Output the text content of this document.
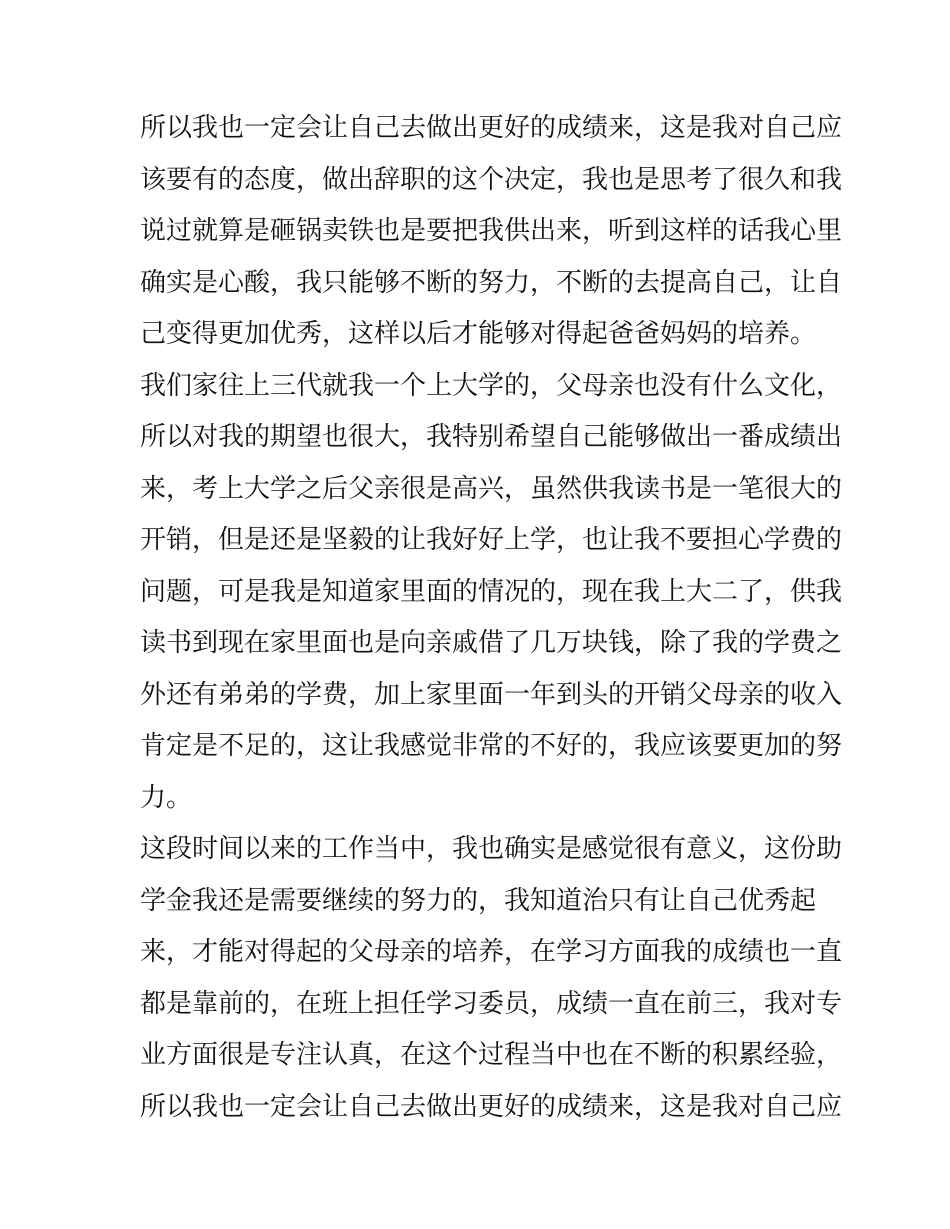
所以我也一定会让自己去做出更好的成绩来，这是我对自己应
该要有的态度，做出辞职的这个决定，我也是思考了很久和我
说过就算是砸锅卖铁也是要把我供出来，听到这样的话我心里
确实是心酸，我只能够不断的努力，不断的去提高自己，让自
己变得更加优秀，这样以后才能够对得起爸爸妈妈的培养。
我们家往上三代就我一个上大学的，父母亲也没有什么文化，
所以对我的期望也很大，我特别希望自己能够做出一番成绩出
来，考上大学之后父亲很是高兴，虽然供我读书是一笔很大的
开销，但是还是坚毅的让我好好上学，也让我不要担心学费的
问题，可是我是知道家里面的情况的，现在我上大二了，供我
读书到现在家里面也是向亲戚借了几万块钱，除了我的学费之
外还有弟弟的学费，加上家里面一年到头的开销父母亲的收入
肯定是不足的，这让我感觉非常的不好的，我应该要更加的努
力。
这段时间以来的工作当中，我也确实是感觉很有意义，这份助
学金我还是需要继续的努力的，我知道治只有让自己优秀起
来，才能对得起的父母亲的培养，在学习方面我的成绩也一直
都是靠前的，在班上担任学习委员，成绩一直在前三，我对专
业方面很是专注认真，在这个过程当中也在不断的积累经验，
所以我也一定会让自己去做出更好的成绩来，这是我对自己应
